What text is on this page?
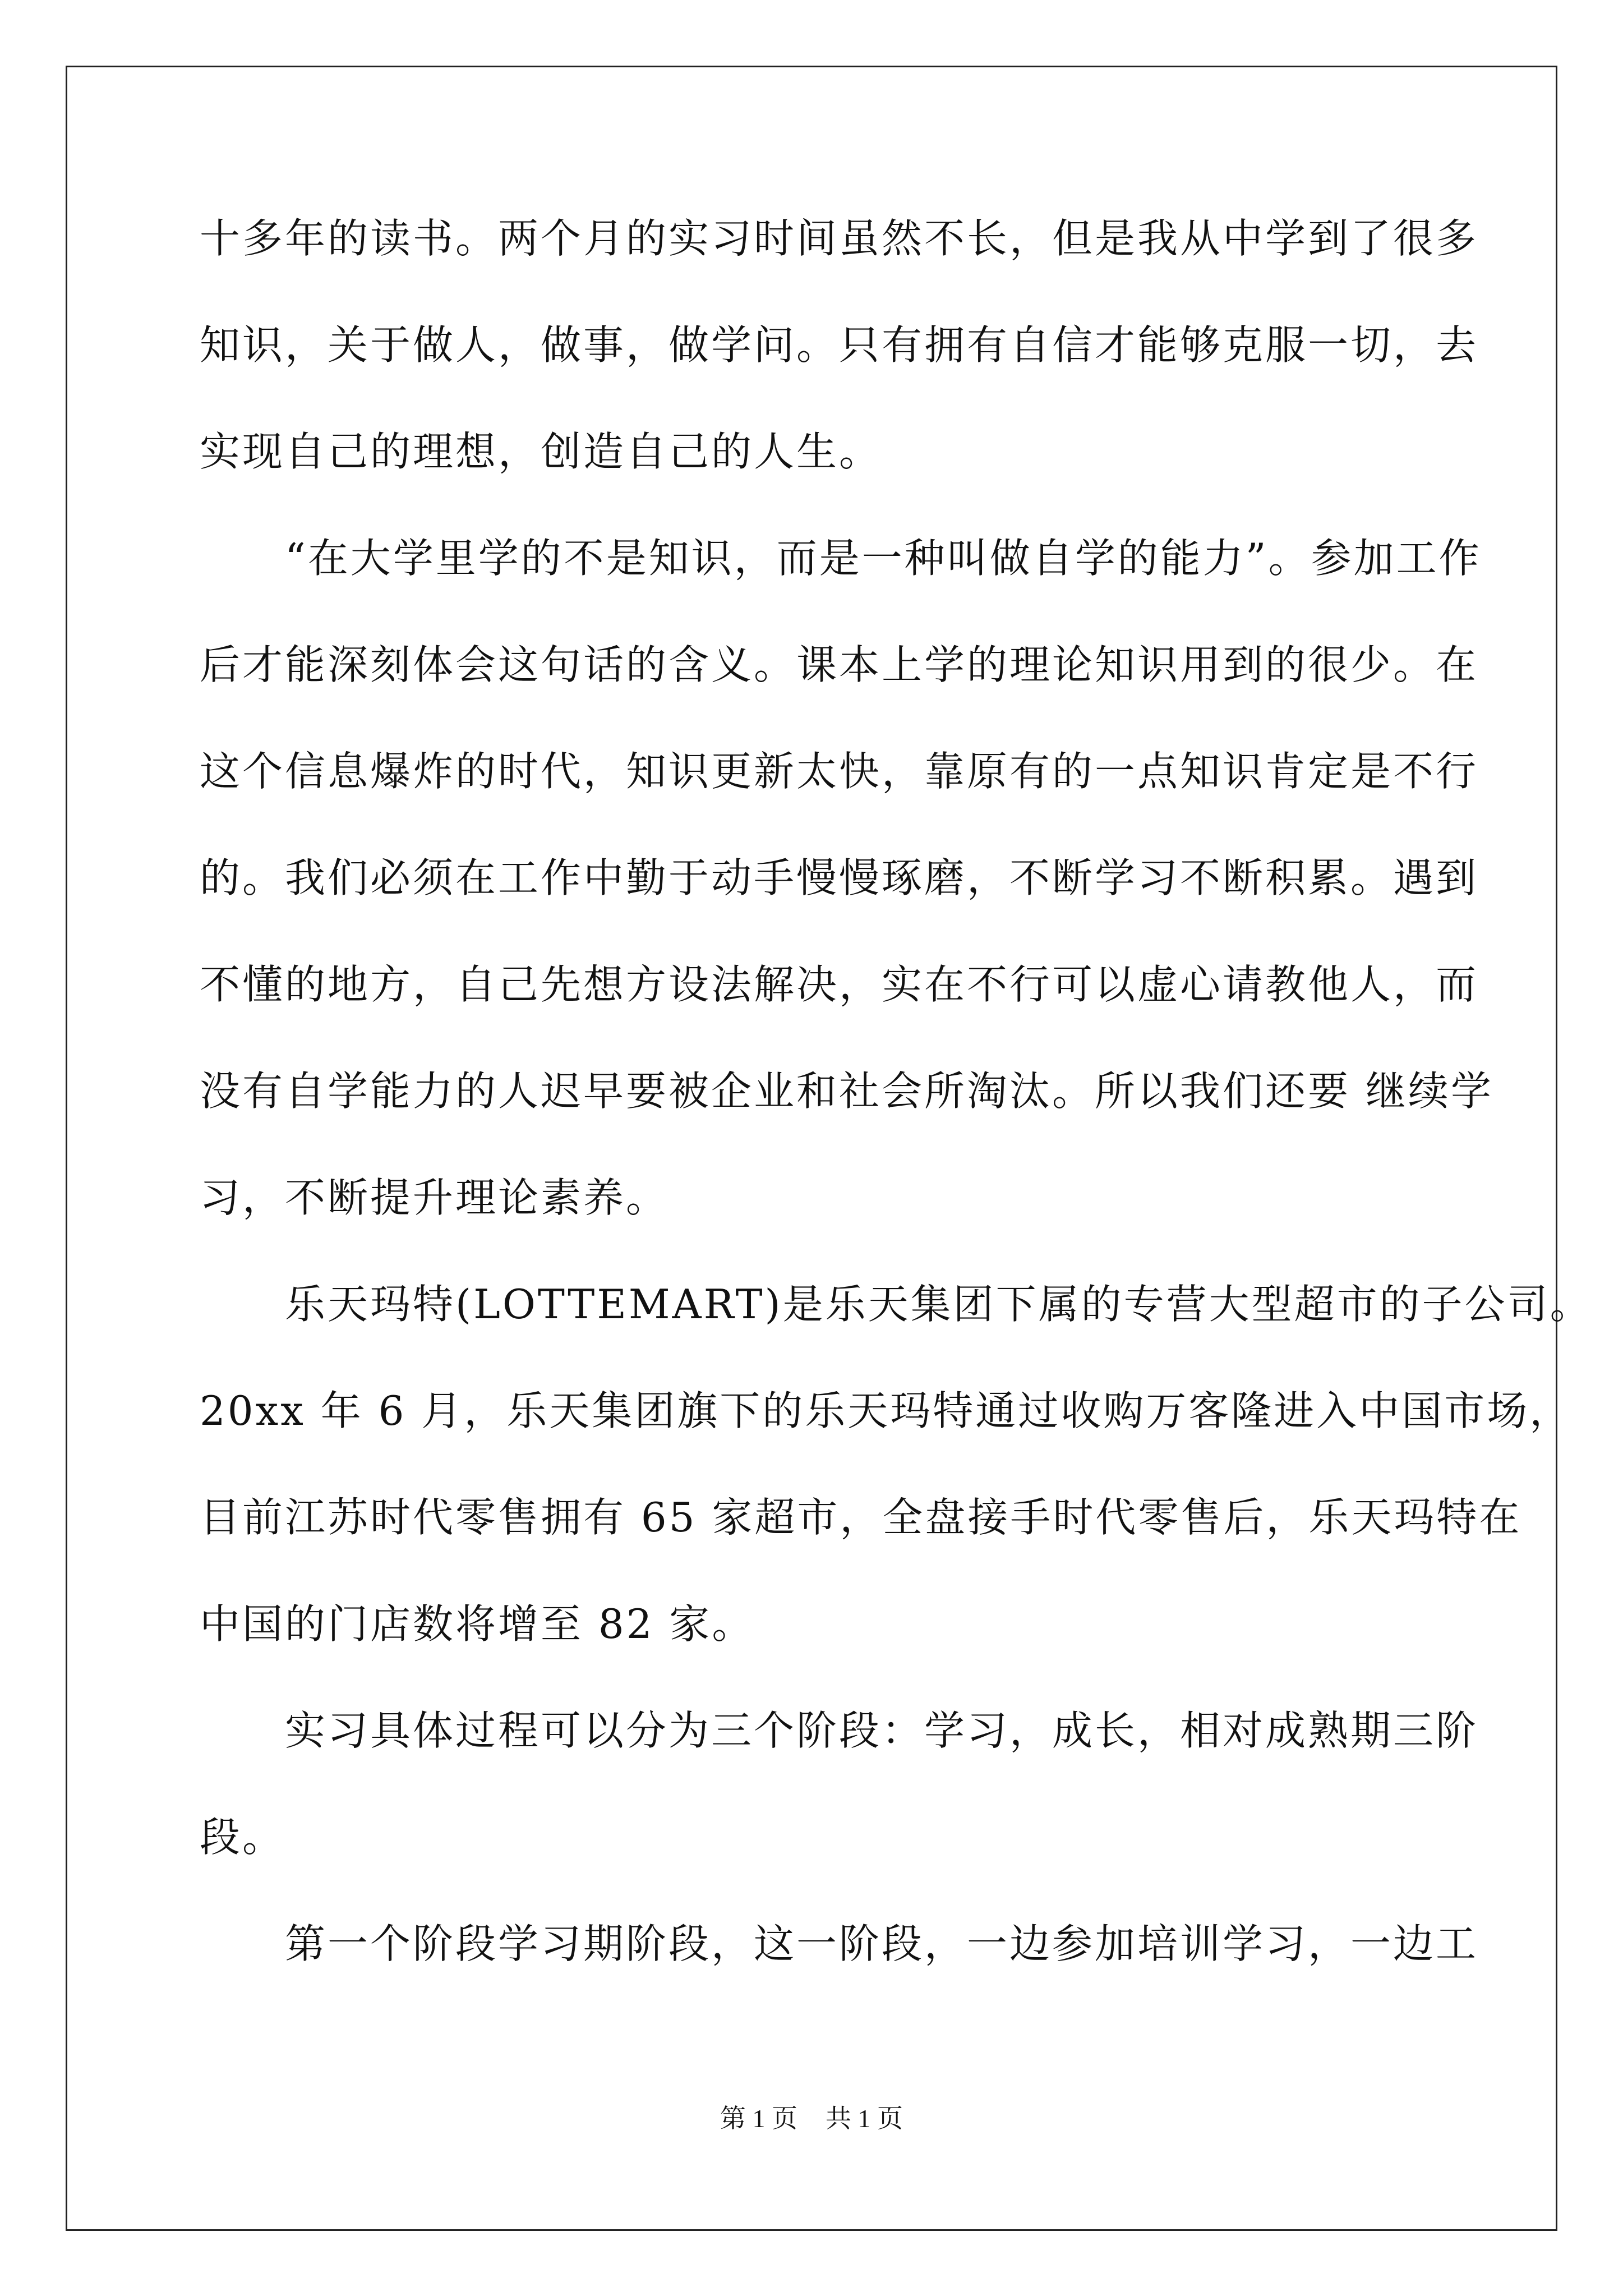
十多年的读书。两个月的实习时间虽然不长，但是我从中学到了很多
知识，关于做人，做事，做学问。只有拥有自信才能够克服一切，去
实现自己的理想，创造自己的人生。
　　“在大学里学的不是知识，而是一种叫做自学的能力”。参加工作
后才能深刻体会这句话的含义。课本上学的理论知识用到的很少。在
这个信息爆炸的时代，知识更新太快，靠原有的一点知识肯定是不行
的。我们必须在工作中勤于动手慢慢琢磨，不断学习不断积累。遇到
不懂的地方，自己先想方设法解决，实在不行可以虚心请教他人，而
没有自学能力的人迟早要被企业和社会所淘汰。所以我们还要 继续学
习，不断提升理论素养。
　　乐天玛特(LOTTEMART)是乐天集团下属的专营大型超市的子公司。
20xx 年 6 月，乐天集团旗下的乐天玛特通过收购万客隆进入中国市场，
目前江苏时代零售拥有 65 家超市，全盘接手时代零售后，乐天玛特在
中国的门店数将增至 82 家。
　　实习具体过程可以分为三个阶段：学习，成长，相对成熟期三阶
段。
　　第一个阶段学习期阶段，这一阶段，一边参加培训学习，一边工
第 1 页 共 1 页
